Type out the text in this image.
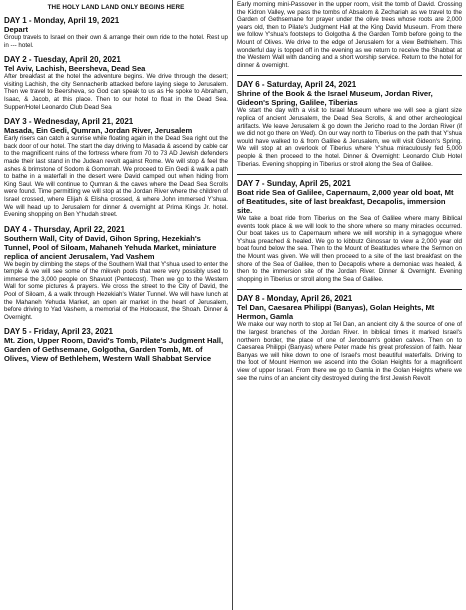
THE HOLY LAND LAND ONLY BEGINS HERE
DAY 1 - Monday, April 19, 2021
Depart
Group travels to Israel on their own & arrange their own ride to the hotel. Rest up in --- hotel.
DAY 2 - Tuesday, April 20, 2021
Tel Aviv, Lachish, Beersheva, Dead Sea
After breakfast at the hotel the adventure begins. We drive through the desert; visiting Lachish, the city Sennacherib attacked before laying siege to Jerusalem. Then we travel to Beersheva, so God can speak to us as He spoke to Abraham, Isaac, & Jacob, at this place. Then to our hotel to float in the Dead Sea. Supper/Hotel Leonardo Club Dead Sea
DAY 3 - Wednesday, April 21, 2021
Masada, Ein Gedi, Qumran, Jordan River, Jerusalem
Early risers can catch a sunrise while floating again in the Dead Sea right out the back door of our hotel. The start the day driving to Masada & ascend by cable car to the magnificent ruins of the fortress where from 70 to 73 AD Jewish defenders made their last stand in the Judean revolt against Rome. We will stop & feel the ashes & brimstone of Sodom & Gomorrah. We proceed to Ein Gedi & walk a path to bathe in a waterfall in the desert were David camped out when hiding from King Saul. We will continue to Qumran & the caves where the Dead Sea Scrolls were found. Time permitting we will stop at the Jordan River where the children of Israel crossed, where Elijah & Elisha crossed, & where John immersed Y'shua. We will head up to Jerusalem for dinner & overnight at Prima Kings Jr. hotel. Evening shopping on Ben Y'hudah street.
DAY 4 - Thursday, April 22, 2021
Southern Wall, City of David, Gihon Spring, Hezekiah's Tunnel, Pool of Siloam, Mahaneh Yehuda Market, miniature replica of ancient Jerusalem, Yad Vashem
We begin by climbing the steps of the Southern Wall that Y'shua used to enter the temple & we will see some of the mikveh pools that were very possibly used to immerse the 3,000 people on Shavuot (Pentecost). Then we go to the Western Wall for some pictures & prayers. We cross the street to the City of David, the Pool of Siloam, & a walk through Hezekiah's Water Tunnel. We will have lunch at the Mahaneh Yehuda Market, an open air market in the heart of Jerusalem, before driving to Yad Vashem, a memorial of the Holocaust, the Shoah. Dinner & Overnight.
DAY 5 - Friday, April 23, 2021
Mt. Zion, Upper Room, David's Tomb, Pilate's Judgment Hall, Garden of Gethsemane, Golgotha, Garden Tomb, Mt. of Olives, View of Bethlehem, Western Wall Shabbat Service
Early morning mini-Passover in the upper room, visit the tomb of David. Crossing the Kidron Valley, we pass the tombs of Absalom & Zechariah as we travel to the Garden of Gethsemane for prayer under the olive trees whose roots are 2,000 years old, then to Pilate's Judgment Hall at the King David Museum. From there we follow Y'shua's footsteps to Golgotha & the Garden Tomb before going to the Mount of Olives. We drive to the edge of Jerusalem for a view Bethlehem. This wonderful day is topped off in the evening as we return to receive the Shabbat at the Western Wall with dancing and a short worship service. Return to the hotel for dinner & overnight.
DAY 6 - Saturday, April 24, 2021
Shrine of the Book & the Israel Museum, Jordan River, Gideon's Spring, Galilee, Tiberias
We start the day with a visit to Israel Museum where we will see a giant size replica of ancient Jerusalem, the Dead Sea Scrolls, & and other archeological artifacts. We leave Jerusalem & go down the Jericho road to the Jordan River (if we did not go there on Wed). On our way north to Tiberius on the path that Y'shua would have walked to & from Galilee & Jerusalem, we will visit Gideon's Spring. We will stop at an overlook of Tiberius where Y'shua miraculously fed 5,000 people & then proceed to the hotel. Dinner & Overnight: Leonardo Club Hotel Tiberias. Evening shopping in Tiberius or stroll along the Sea of Galilee.
DAY 7 - Sunday, April 25, 2021
Boat ride Sea of Galilee, Capernaum, 2,000 year old boat, Mt of Beatitudes, site of last breakfast, Decapolis, immersion site.
We take a boat ride from Tiberius on the Sea of Galilee where many Biblical events took place & we will look to the shore where so many miracles occurred. Our boat takes us to Capernaum where we will worship in a synagogue where Y'shua preached & healed. We go to kibbutz Ginossar to view a 2,000 year old boat found below the sea. Then to the Mount of Beatitudes where the Sermon on the Mount was given. We will then proceed to a site of the last breakfast on the shore of the Sea of Galilee, then to Decapolis where a demoniac was healed, & then to the immersion site of the Jordan River. Dinner & Overnight. Evening shopping in Tiberius or stroll along the Sea of Galilee.
DAY 8 - Monday, April 26, 2021
Tel Dan, Caesarea Philippi (Banyas), Golan Heights, Mt Hermon, Gamla
We make our way north to stop at Tel Dan, an ancient city & the source of one of the largest branches of the Jordan River. In biblical times it marked Israel's northern border, the place of one of Jeroboam's golden calves. Then on to Caesarea Philippi (Banyas) where Peter made his great profession of faith. Near Banyas we will hike down to one of Israel's most beautiful waterfalls. Driving to the foot of Mount Hermon we ascend into the Golan Heights for a magnificent view of upper Israel. From there we go to Gamla in the Golan Heights where we see the ruins of an ancient city destroyed during the first Jewish Revolt
